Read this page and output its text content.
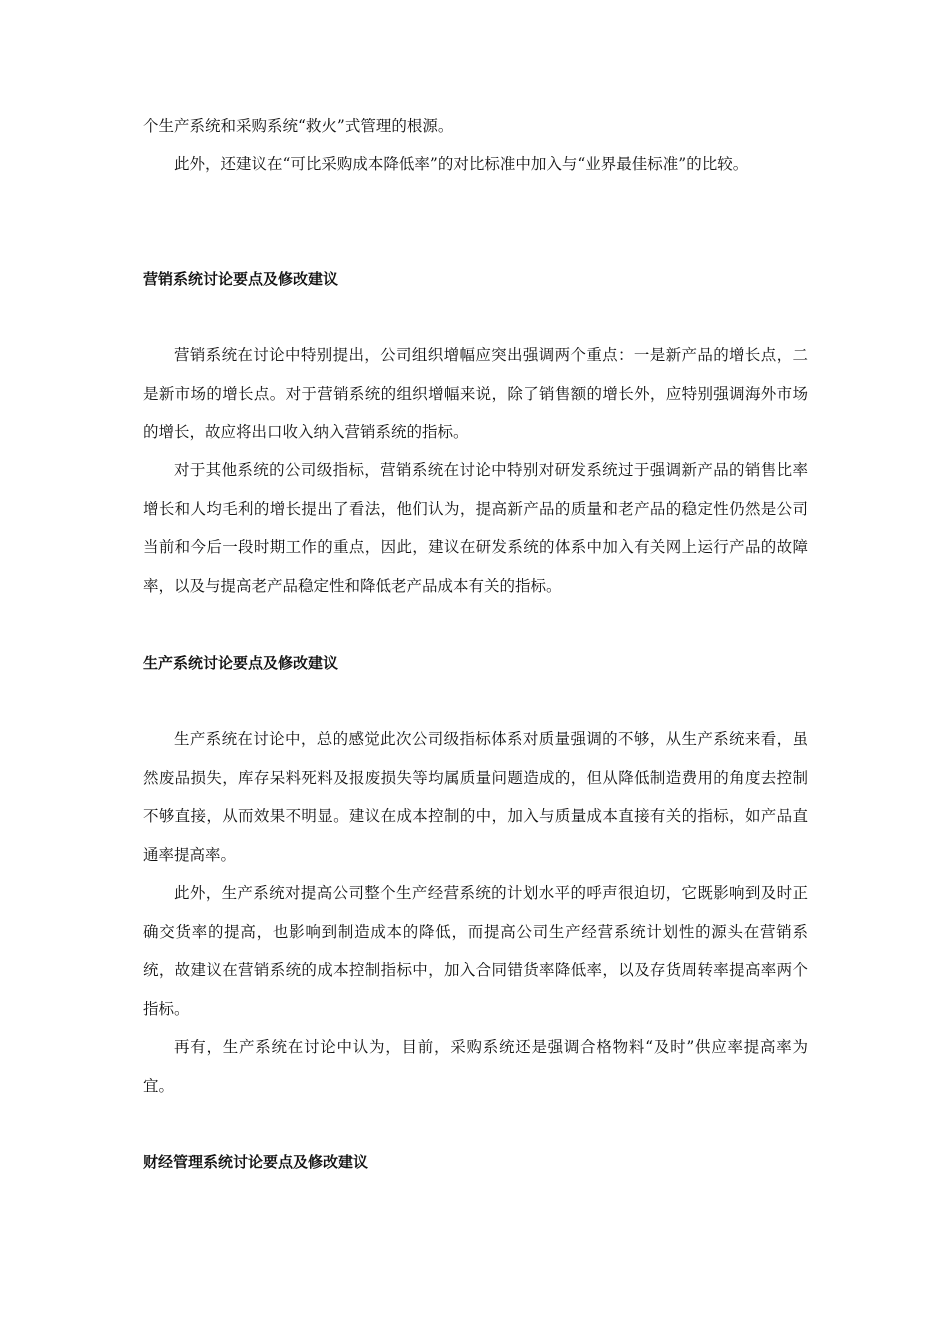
个生产系统和采购系统“救火”式管理的根源。

此外，还建议在“可比采购成本降低率”的对比标准中加入与“业界最佳标准”的比较。

营销系统讨论要点及修改建议

营销系统在讨论中特别提出，公司组织增幅应突出强调两个重点：一是新产品的增长点，二是新市场的增长点。对于营销系统的组织增幅来说，除了销售额的增长外，应特别强调海外市场的增长，故应将出口收入纳入营销系统的指标。

对于其他系统的公司级指标，营销系统在讨论中特别对研发系统过于强调新产品的销售比率增长和人均毛利的增长提出了看法，他们认为，提高新产品的质量和老产品的稳定性仍然是公司当前和今后一段时期工作的重点，因此，建议在研发系统的体系中加入有关网上运行产品的故障率，以及与提高老产品稳定性和降低老产品成本有关的指标。

生产系统讨论要点及修改建议

生产系统在讨论中，总的感觉此次公司级指标体系对质量强调的不够，从生产系统来看，虽然废品损失，库存呆料死料及报废损失等均属质量问题造成的，但从降低制造费用的角度去控制不够直接，从而效果不明显。建议在成本控制的中，加入与质量成本直接有关的指标，如产品直通率提高率。

此外，生产系统对提高公司整个生产经营系统的计划水平的呼声很迫切，它既影响到及时正确交货率的提高，也影响到制造成本的降低，而提高公司生产经营系统计划性的源头在营销系统，故建议在营销系统的成本控制指标中，加入合同错货率降低率，以及存货周转率提高率两个指标。

再有，生产系统在讨论中认为，目前，采购系统还是强调合格物料“及时”供应率提高率为宜。

财经管理系统讨论要点及修改建议
